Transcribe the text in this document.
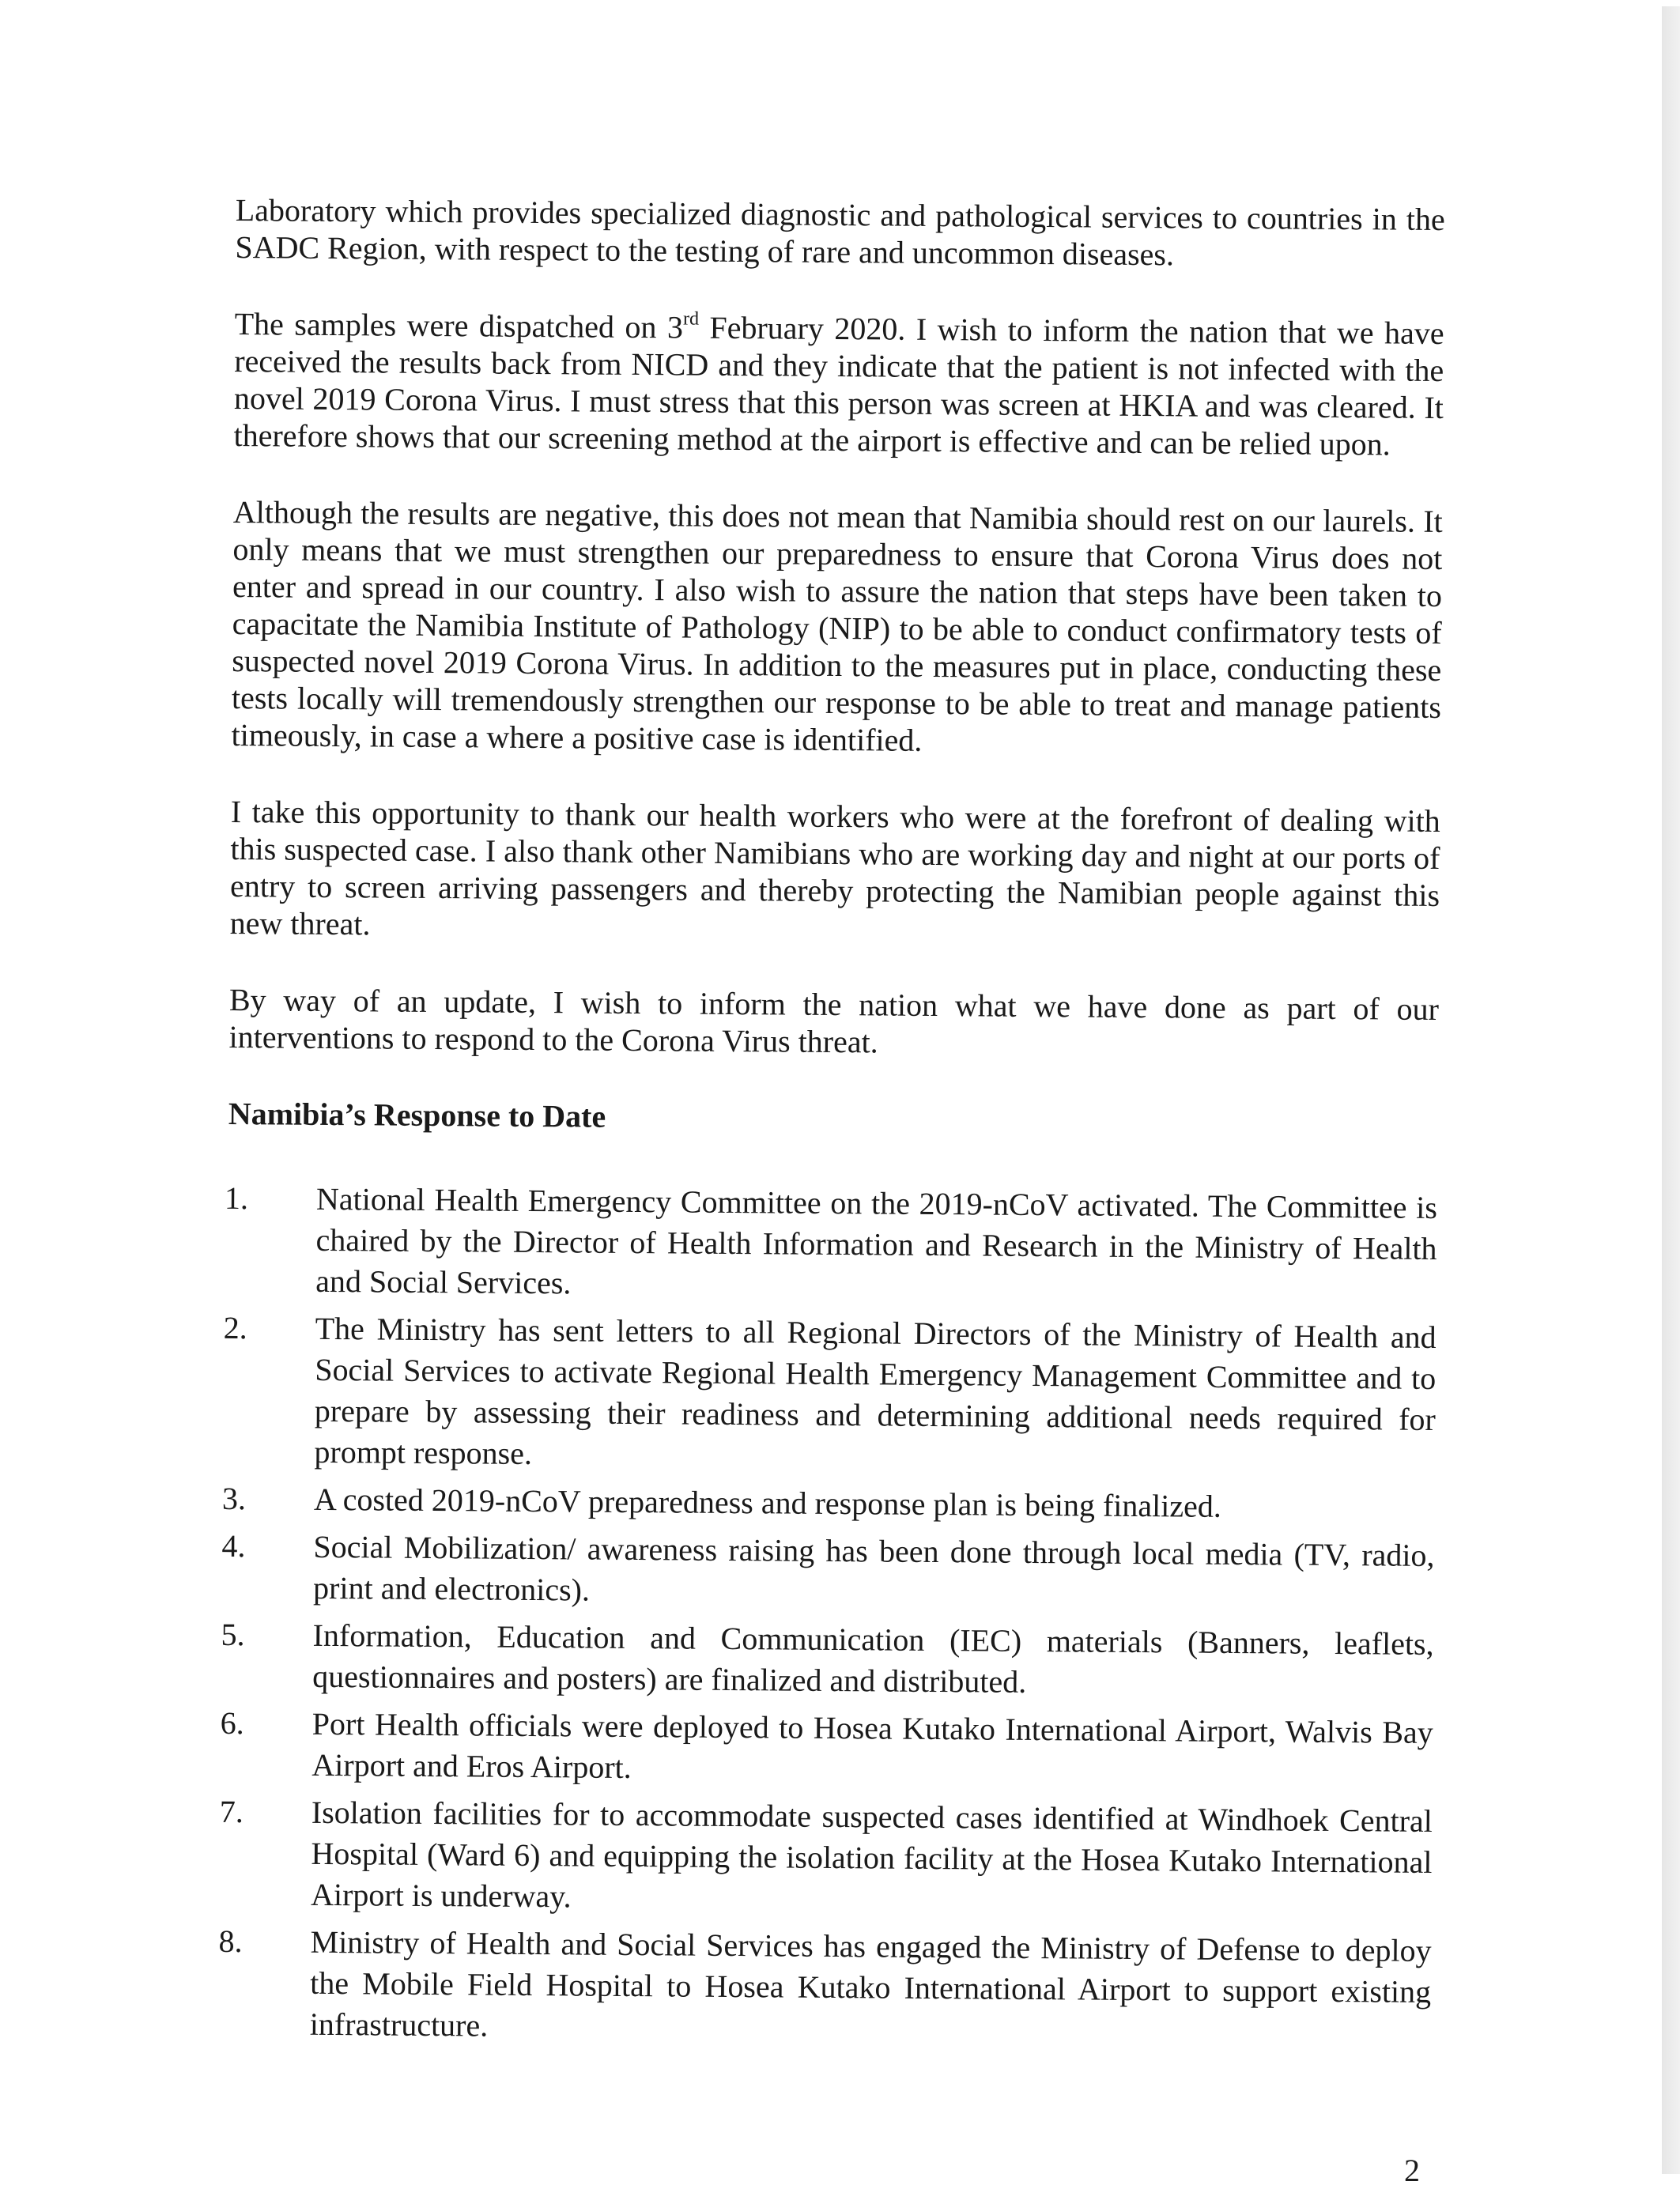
Laboratory which provides specialized diagnostic and pathological services to countries in the SADC Region, with respect to the testing of rare and uncommon diseases.

The samples were dispatched on 3rd February 2020. I wish to inform the nation that we have received the results back from NICD and they indicate that the patient is not infected with the novel 2019 Corona Virus. I must stress that this person was screen at HKIA and was cleared. It therefore shows that our screening method at the airport is effective and can be relied upon.

Although the results are negative, this does not mean that Namibia should rest on our laurels. It only means that we must strengthen our preparedness to ensure that Corona Virus does not enter and spread in our country. I also wish to assure the nation that steps have been taken to capacitate the Namibia Institute of Pathology (NIP) to be able to conduct confirmatory tests of suspected novel 2019 Corona Virus. In addition to the measures put in place, conducting these tests locally will tremendously strengthen our response to be able to treat and manage patients timeously, in case a where a positive case is identified.

I take this opportunity to thank our health workers who were at the forefront of dealing with this suspected case. I also thank other Namibians who are working day and night at our ports of entry to screen arriving passengers and thereby protecting the Namibian people against this new threat.

By way of an update, I wish to inform the nation what we have done as part of our interventions to respond to the Corona Virus threat.

Namibia’s Response to Date
1. National Health Emergency Committee on the 2019-nCoV activated. The Committee is chaired by the Director of Health Information and Research in the Ministry of Health and Social Services.
2. The Ministry has sent letters to all Regional Directors of the Ministry of Health and Social Services to activate Regional Health Emergency Management Committee and to prepare by assessing their readiness and determining additional needs required for prompt response.
3. A costed 2019-nCoV preparedness and response plan is being finalized.
4. Social Mobilization/ awareness raising has been done through local media (TV, radio, print and electronics).
5. Information, Education and Communication (IEC) materials (Banners, leaflets, questionnaires and posters) are finalized and distributed.
6. Port Health officials were deployed to Hosea Kutako International Airport, Walvis Bay Airport and Eros Airport.
7. Isolation facilities for to accommodate suspected cases identified at Windhoek Central Hospital (Ward 6) and equipping the isolation facility at the Hosea Kutako International Airport is underway.
8. Ministry of Health and Social Services has engaged the Ministry of Defense to deploy the Mobile Field Hospital to Hosea Kutako International Airport to support existing infrastructure.
2
